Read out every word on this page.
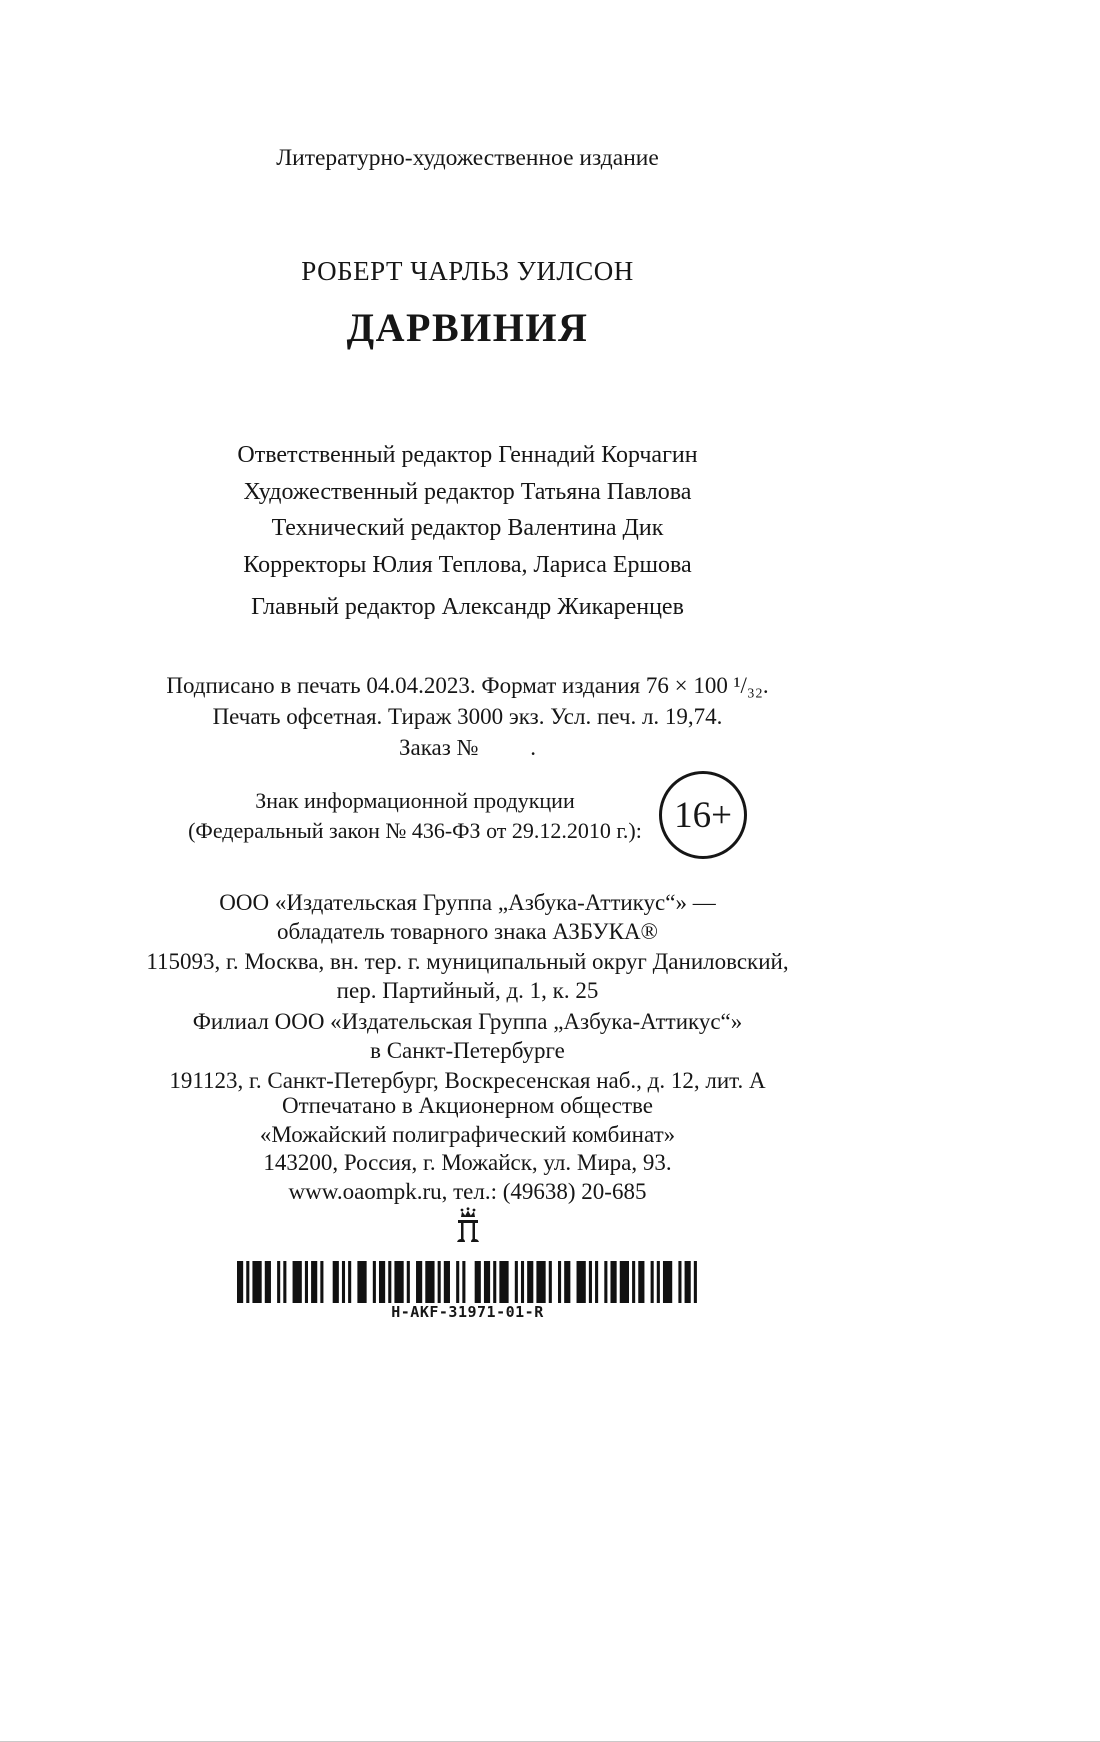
Литературно-художественное издание
РОБЕРТ ЧАРЛЬЗ УИЛСОН
ДАРВИНИЯ
Ответственный редактор Геннадий Корчагин
Художественный редактор Татьяна Павлова
Технический редактор Валентина Дик
Корректоры Юлия Теплова, Лариса Ершова
Главный редактор Александр Жикаренцев
Подписано в печать 04.04.2023. Формат издания 76 × 100 ¹/₃₂.
Печать офсетная. Тираж 3000 экз. Усл. печ. л. 19,74.
Заказ №         .
Знак информационной продукции
(Федеральный закон № 436-ФЗ от 29.12.2010 г.): 16+
ООО «Издательская Группа „Азбука-Аттикус“» —
обладатель товарного знака АЗБУКА®
115093, г. Москва, вн. тер. г. муниципальный округ Даниловский,
пер. Партийный, д. 1, к. 25
Филиал ООО «Издательская Группа „Азбука-Аттикус“»
в Санкт-Петербурге
191123, г. Санкт-Петербург, Воскресенская наб., д. 12, лит. А
Отпечатано в Акционерном обществе
«Можайский полиграфический комбинат»
143200, Россия, г. Можайск, ул. Мира, 93.
www.oaompk.ru, тел.: (49638) 20-685
H-AKF-31971-01-R
